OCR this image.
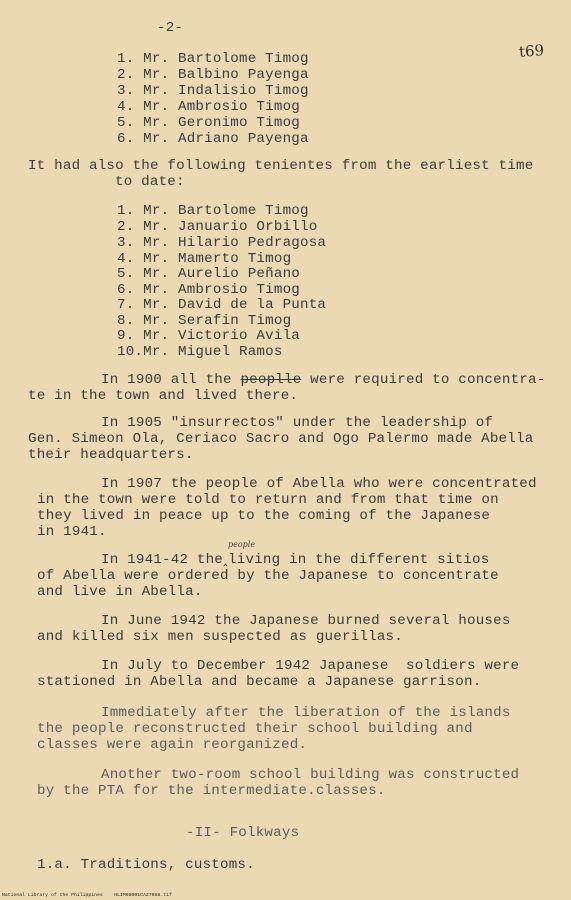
-2-
t69
1. Mr. Bartolome Timog
2. Mr. Balbino Payenga
3. Mr. Indalisio Timog
4. Mr. Ambrosio Timog
5. Mr. Geronimo Timog
6. Mr. Adriano Payenga
It had also the following tenientes from the earliest time
to date:
1. Mr. Bartolome Timog
2. Mr. Januario Orbillo
3. Mr. Hilario Pedragosa
4. Mr. Mamerto Timog
5. Mr. Aurelio Peñano
6. Mr. Ambrosio Timog
7. Mr. David de la Punta
8. Mr. Serafin Timog
9. Mr. Victorio Avila
10.Mr. Miguel Ramos
In 1900 all the peoplle were required to concentra-
te in the town and lived there.
In 1905 "insurrectos" under the leadership of
Gen. Simeon Ola, Ceriaco Sacro and Ogo Palermo made Abella
their headquarters.
In 1907 the people of Abella who were concentrated
in the town were told to return and from that time on
they lived in peace up to the coming of the Japanese
in 1941.
people
In 1941-42 the‸living in the different sitios
of Abella were ordered by the Japanese to concentrate
and live in Abella.
In June 1942 the Japanese burned several houses
and killed six men suspected as guerillas.
In July to December 1942 Japanese  soldiers were
stationed in Abella and became a Japanese garrison.
Immediately after the liberation of the islands
the people reconstructed their school building and
classes were again reorganized.
Another two-room school building was constructed
by the PTA for the intermediate.classes.
-II- Folkways
1.a. Traditions, customs.
National Library of the Philippines    HLIM08001CAZ7068.tif
